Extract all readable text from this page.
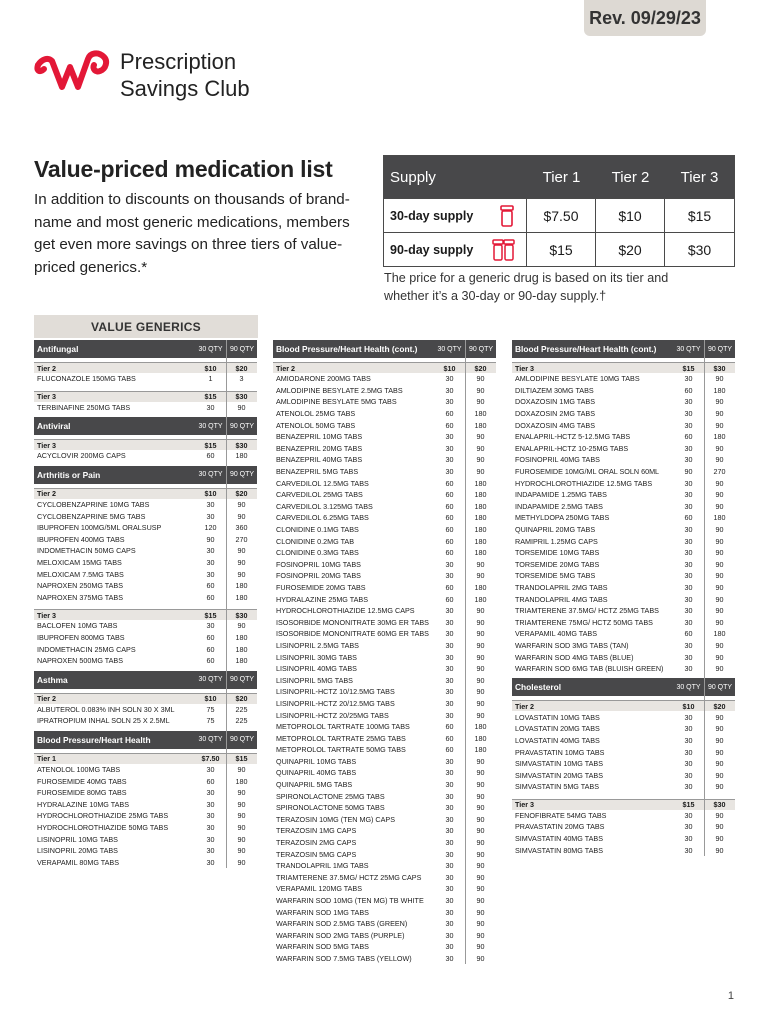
Rev. 09/29/23
Prescription
Savings Club
Value-priced medication list
In addition to discounts on thousands of brand-name and most generic medications, members get even more savings on three tiers of value-priced generics.*
Supply	Tier 1	Tier 2	Tier 3
30-day supply	$7.50	$10	$15
90-day supply	$15	$20	$30
The price for a generic drug is based on its tier and whether it’s a 30-day or 90-day supply.†
VALUE GENERICS
Antifungal	30 QTY	90 QTY
Tier 2	$10	$20
FLUCONAZOLE 150MG TABS	1	3
Tier 3	$15	$30
TERBINAFINE 250MG TABS	30	90
Antiviral	30 QTY	90 QTY
Tier 3	$15	$30
ACYCLOVIR 200MG CAPS	60	180
Arthritis or Pain	30 QTY	90 QTY
Tier 2	$10	$20
CYCLOBENZAPRINE 10MG TABS	30	90
CYCLOBENZAPRINE 5MG TABS	30	90
IBUPROFEN 100MG/5ML ORALSUSP	120	360
IBUPROFEN 400MG TABS	90	270
INDOMETHACIN 50MG CAPS	30	90
MELOXICAM 15MG TABS	30	90
MELOXICAM 7.5MG TABS	30	90
NAPROXEN 250MG TABS	60	180
NAPROXEN 375MG TABS	60	180
Tier 3	$15	$30
BACLOFEN 10MG TABS	30	90
IBUPROFEN 800MG TABS	60	180
INDOMETHACIN 25MG CAPS	60	180
NAPROXEN 500MG TABS	60	180
Asthma	30 QTY	90 QTY
Tier 2	$10	$20
ALBUTEROL 0.083% INH SOLN 30 X 3ML	75	225
IPRATROPIUM INHAL SOLN 25 X 2.5ML	75	225
Blood Pressure/Heart Health	30 QTY	90 QTY
Tier 1	$7.50	$15
ATENOLOL 100MG TABS	30	90
FUROSEMIDE 40MG TABS	60	180
FUROSEMIDE 80MG TABS	30	90
HYDRALAZINE 10MG TABS	30	90
HYDROCHLOROTHIAZIDE 25MG TABS	30	90
HYDROCHLOROTHIAZIDE 50MG TABS	30	90
LISINOPRIL 10MG TABS	30	90
LISINOPRIL 20MG TABS	30	90
VERAPAMIL 80MG TABS	30	90
Blood Pressure/Heart Health (cont.)	30 QTY	90 QTY
Tier 2	$10	$20
AMIODARONE 200MG TABS	30	90
AMLODIPINE BESYLATE 2.5MG TABS	30	90
AMLODIPINE BESYLATE 5MG TABS	30	90
ATENOLOL 25MG TABS	60	180
ATENOLOL 50MG TABS	60	180
BENAZEPRIL 10MG TABS	30	90
BENAZEPRIL 20MG TABS	30	90
BENAZEPRIL 40MG TABS	30	90
BENAZEPRIL 5MG TABS	30	90
CARVEDILOL 12.5MG TABS	60	180
CARVEDILOL 25MG TABS	60	180
CARVEDILOL 3.125MG TABS	60	180
CARVEDILOL 6.25MG TABS	60	180
CLONIDINE 0.1MG TABS	60	180
CLONIDINE 0.2MG TAB	60	180
CLONIDINE 0.3MG TABS	60	180
FOSINOPRIL 10MG TABS	30	90
FOSINOPRIL 20MG TABS	30	90
FUROSEMIDE 20MG TABS	60	180
HYDRALAZINE 25MG TABS	60	180
HYDROCHLOROTHIAZIDE 12.5MG CAPS	30	90
ISOSORBIDE MONONITRATE 30MG ER TABS	30	90
ISOSORBIDE MONONITRATE 60MG ER TABS	30	90
LISINOPRIL 2.5MG TABS	30	90
LISINOPRIL 30MG TABS	30	90
LISINOPRIL 40MG TABS	30	90
LISINOPRIL 5MG TABS	30	90
LISINOPRIL-HCTZ 10/12.5MG TABS	30	90
LISINOPRIL-HCTZ 20/12.5MG TABS	30	90
LISINOPRIL-HCTZ 20/25MG TABS	30	90
METOPROLOL TARTRATE 100MG TABS	60	180
METOPROLOL TARTRATE 25MG TABS	60	180
METOPROLOL TARTRATE 50MG TABS	60	180
QUINAPRIL 10MG TABS	30	90
QUINAPRIL 40MG TABS	30	90
QUINAPRIL 5MG TABS	30	90
SPIRONOLACTONE 25MG TABS	30	90
SPIRONOLACTONE 50MG TABS	30	90
TERAZOSIN 10MG (TEN MG) CAPS	30	90
TERAZOSIN 1MG CAPS	30	90
TERAZOSIN 2MG CAPS	30	90
TERAZOSIN 5MG CAPS	30	90
TRANDOLAPRIL 1MG TABS	30	90
TRIAMTERENE 37.5MG/ HCTZ 25MG CAPS	30	90
VERAPAMIL 120MG TABS	30	90
WARFARIN SOD 10MG (TEN MG) TB WHITE	30	90
WARFARIN SOD 1MG TABS	30	90
WARFARIN SOD 2.5MG TABS (GREEN)	30	90
WARFARIN SOD 2MG TABS (PURPLE)	30	90
WARFARIN SOD 5MG TABS	30	90
WARFARIN SOD 7.5MG TABS (YELLOW)	30	90
Blood Pressure/Heart Health (cont.)	30 QTY	90 QTY
Tier 3	$15	$30
AMLODIPINE BESYLATE 10MG TABS	30	90
DILTIAZEM 30MG TABS	60	180
DOXAZOSIN 1MG TABS	30	90
DOXAZOSIN 2MG TABS	30	90
DOXAZOSIN 4MG TABS	30	90
ENALAPRIL-HCTZ 5-12.5MG TABS	60	180
ENALAPRIL-HCTZ 10-25MG TABS	30	90
FOSINOPRIL 40MG TABS	30	90
FUROSEMIDE 10MG/ML ORAL SOLN 60ML	90	270
HYDROCHLOROTHIAZIDE 12.5MG TABS	30	90
INDAPAMIDE 1.25MG TABS	30	90
INDAPAMIDE 2.5MG TABS	30	90
METHYLDOPA 250MG TABS	60	180
QUINAPRIL 20MG TABS	30	90
RAMIPRIL 1.25MG CAPS	30	90
TORSEMIDE 10MG TABS	30	90
TORSEMIDE 20MG TABS	30	90
TORSEMIDE 5MG TABS	30	90
TRANDOLAPRIL 2MG TABS	30	90
TRANDOLAPRIL 4MG TABS	30	90
TRIAMTERENE 37.5MG/ HCTZ 25MG TABS	30	90
TRIAMTERENE 75MG/ HCTZ 50MG TABS	30	90
VERAPAMIL 40MG TABS	60	180
WARFARIN SOD 3MG TABS (TAN)	30	90
WARFARIN SOD 4MG TABS (BLUE)	30	90
WARFARIN SOD 6MG TAB (BLUISH GREEN)	30	90
Cholesterol	30 QTY	90 QTY
Tier 2	$10	$20
LOVASTATIN 10MG TABS	30	90
LOVASTATIN 20MG TABS	30	90
LOVASTATIN 40MG TABS	30	90
PRAVASTATIN 10MG TABS	30	90
SIMVASTATIN 10MG TABS	30	90
SIMVASTATIN 20MG TABS	30	90
SIMVASTATIN 5MG TABS	30	90
Tier 3	$15	$30
FENOFIBRATE 54MG TABS	30	90
PRAVASTATIN 20MG TABS	30	90
SIMVASTATIN 40MG TABS	30	90
SIMVASTATIN 80MG TABS	30	90
1
